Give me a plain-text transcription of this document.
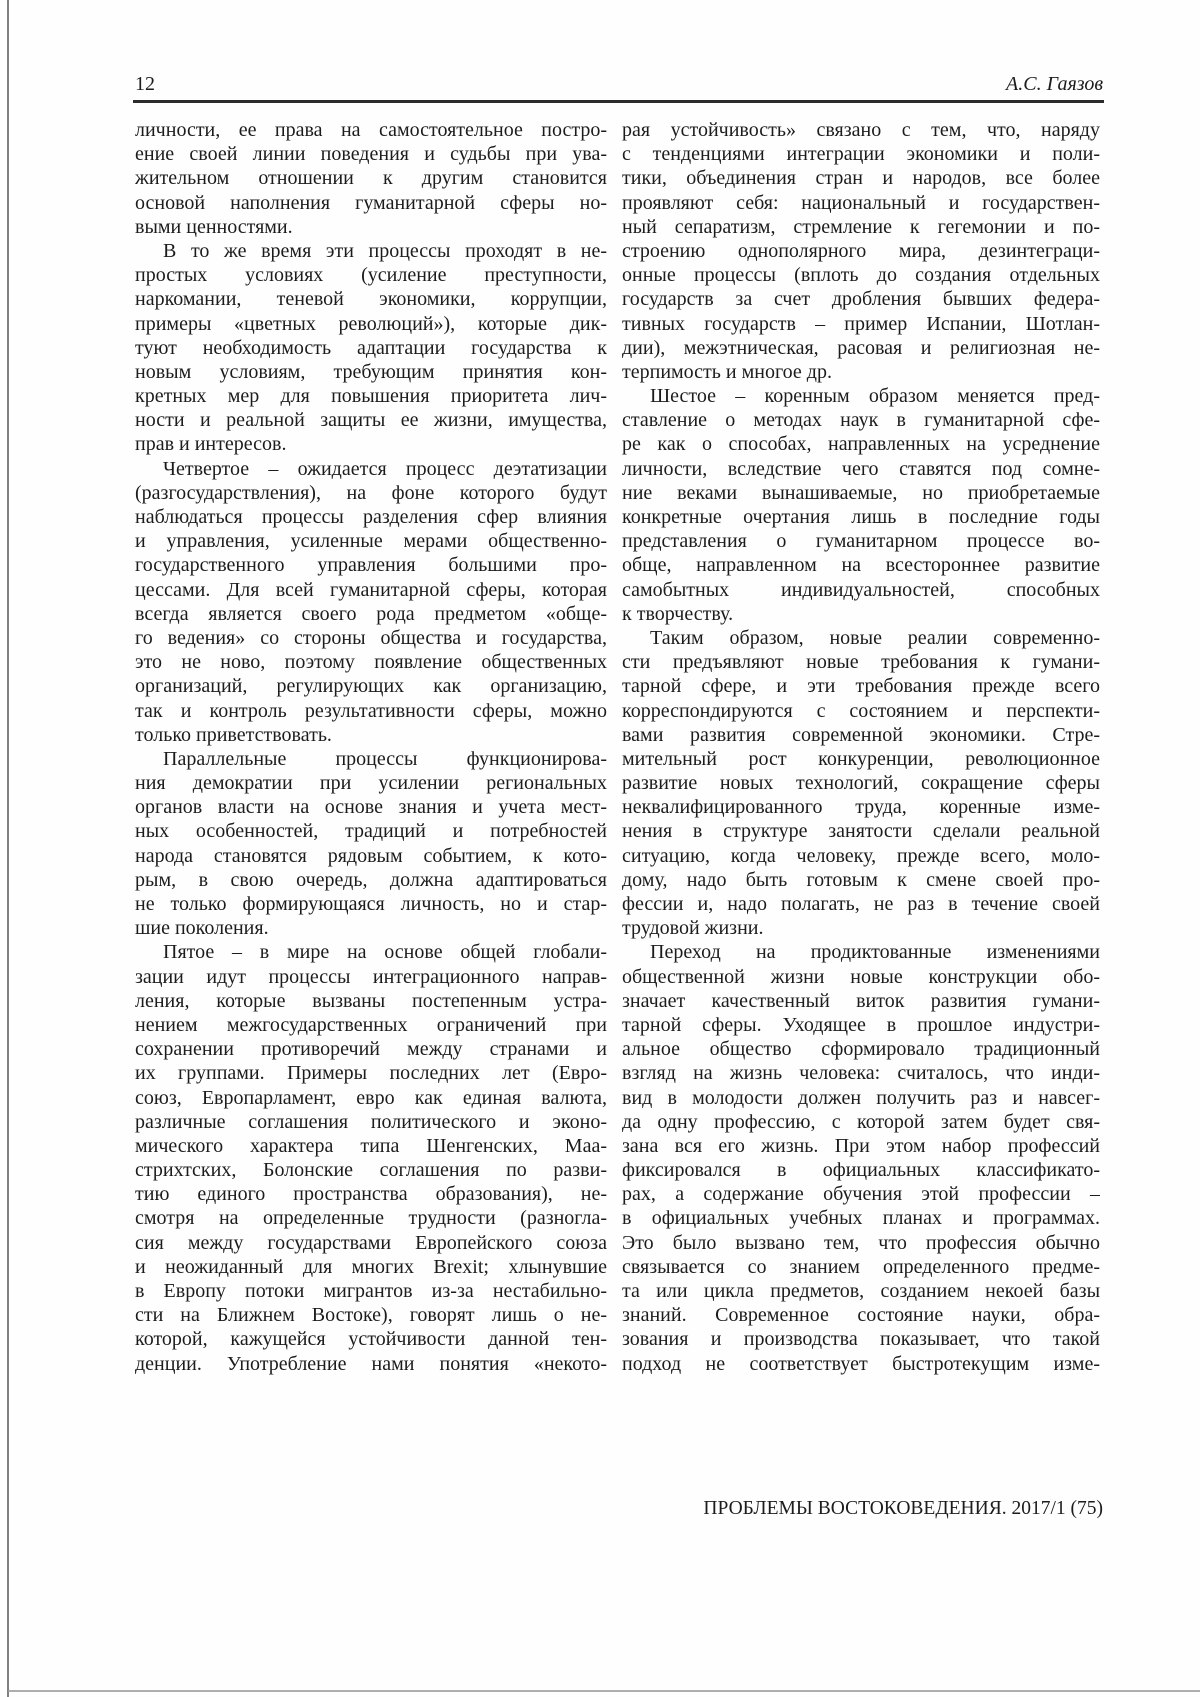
12	А.С. Гаязов
личности, ее права на самостоятельное постро-
ение своей линии поведения и судьбы при ува-
жительном отношении к другим становится
основой наполнения гуманитарной сферы но-
выми ценностями.
В то же время эти процессы проходят в не-
простых условиях (усиление преступности,
наркомании, теневой экономики, коррупции,
примеры «цветных революций»), которые дик-
туют необходимость адаптации государства к
новым условиям, требующим принятия кон-
кретных мер для повышения приоритета лич-
ности и реальной защиты ее жизни, имущества,
прав и интересов.
Четвертое – ожидается процесс деэтатизации
(разгосударствления), на фоне которого будут
наблюдаться процессы разделения сфер влияния
и управления, усиленные мерами общественно-
государственного управления большими про-
цессами. Для всей гуманитарной сферы, которая
всегда является своего рода предметом «обще-
го ведения» со стороны общества и государства,
это не ново, поэтому появление общественных
организаций, регулирующих как организацию,
так и контроль результативности сферы, можно
только приветствовать.
Параллельные процессы функционирова-
ния демократии при усилении региональных
органов власти на основе знания и учета мест-
ных особенностей, традиций и потребностей
народа становятся рядовым событием, к кото-
рым, в свою очередь, должна адаптироваться
не только формирующаяся личность, но и стар-
шие поколения.
Пятое – в мире на основе общей глобали-
зации идут процессы интеграционного направ-
ления, которые вызваны постепенным устра-
нением межгосударственных ограничений при
сохранении противоречий между странами и
их группами. Примеры последних лет (Евро-
союз, Европарламент, евро как единая валюта,
различные соглашения политического и эконо-
мического характера типа Шенгенских, Маа-
стрихтских, Болонские соглашения по разви-
тию единого пространства образования), не-
смотря на определенные трудности (разногла-
сия между государствами Европейского союза
и неожиданный для многих Brexit; хлынувшие
в Европу потоки мигрантов из-за нестабильно-
сти на Ближнем Востоке), говорят лишь о не-
которой, кажущейся устойчивости данной тен-
денции. Употребление нами понятия «некото-
рая устойчивость» связано с тем, что, наряду
с тенденциями интеграции экономики и поли-
тики, объединения стран и народов, все более
проявляют себя: национальный и государствен-
ный сепаратизм, стремление к гегемонии и по-
строению однополярного мира, дезинтеграци-
онные процессы (вплоть до создания отдельных
государств за счет дробления бывших федера-
тивных государств – пример Испании, Шотлан-
дии), межэтническая, расовая и религиозная не-
терпимость и многое др.
Шестое – коренным образом меняется пред-
ставление о методах наук в гуманитарной сфе-
ре как о способах, направленных на усреднение
личности, вследствие чего ставятся под сомне-
ние веками вынашиваемые, но приобретаемые
конкретные очертания лишь в последние годы
представления о гуманитарном процессе во-
обще, направленном на всестороннее развитие
самобытных индивидуальностей, способных
к творчеству.
Таким образом, новые реалии современно-
сти предъявляют новые требования к гумани-
тарной сфере, и эти требования прежде всего
корреспондируются с состоянием и перспекти-
вами развития современной экономики. Стре-
мительный рост конкуренции, революционное
развитие новых технологий, сокращение сферы
неквалифицированного труда, коренные изме-
нения в структуре занятости сделали реальной
ситуацию, когда человеку, прежде всего, моло-
дому, надо быть готовым к смене своей про-
фессии и, надо полагать, не раз в течение своей
трудовой жизни.
Переход на продиктованные изменениями
общественной жизни новые конструкции обо-
значает качественный виток развития гумани-
тарной сферы. Уходящее в прошлое индустри-
альное общество сформировало традиционный
взгляд на жизнь человека: считалось, что инди-
вид в молодости должен получить раз и навсег-
да одну профессию, с которой затем будет свя-
зана вся его жизнь. При этом набор профессий
фиксировался в официальных классификато-
рах, а содержание обучения этой профессии –
в официальных учебных планах и программах.
Это было вызвано тем, что профессия обычно
связывается со знанием определенного предме-
та или цикла предметов, созданием некоей базы
знаний. Современное состояние науки, обра-
зования и производства показывает, что такой
подход не соответствует быстротекущим изме-
ПРОБЛЕМЫ ВОСТОКОВЕДЕНИЯ. 2017/1 (75)
